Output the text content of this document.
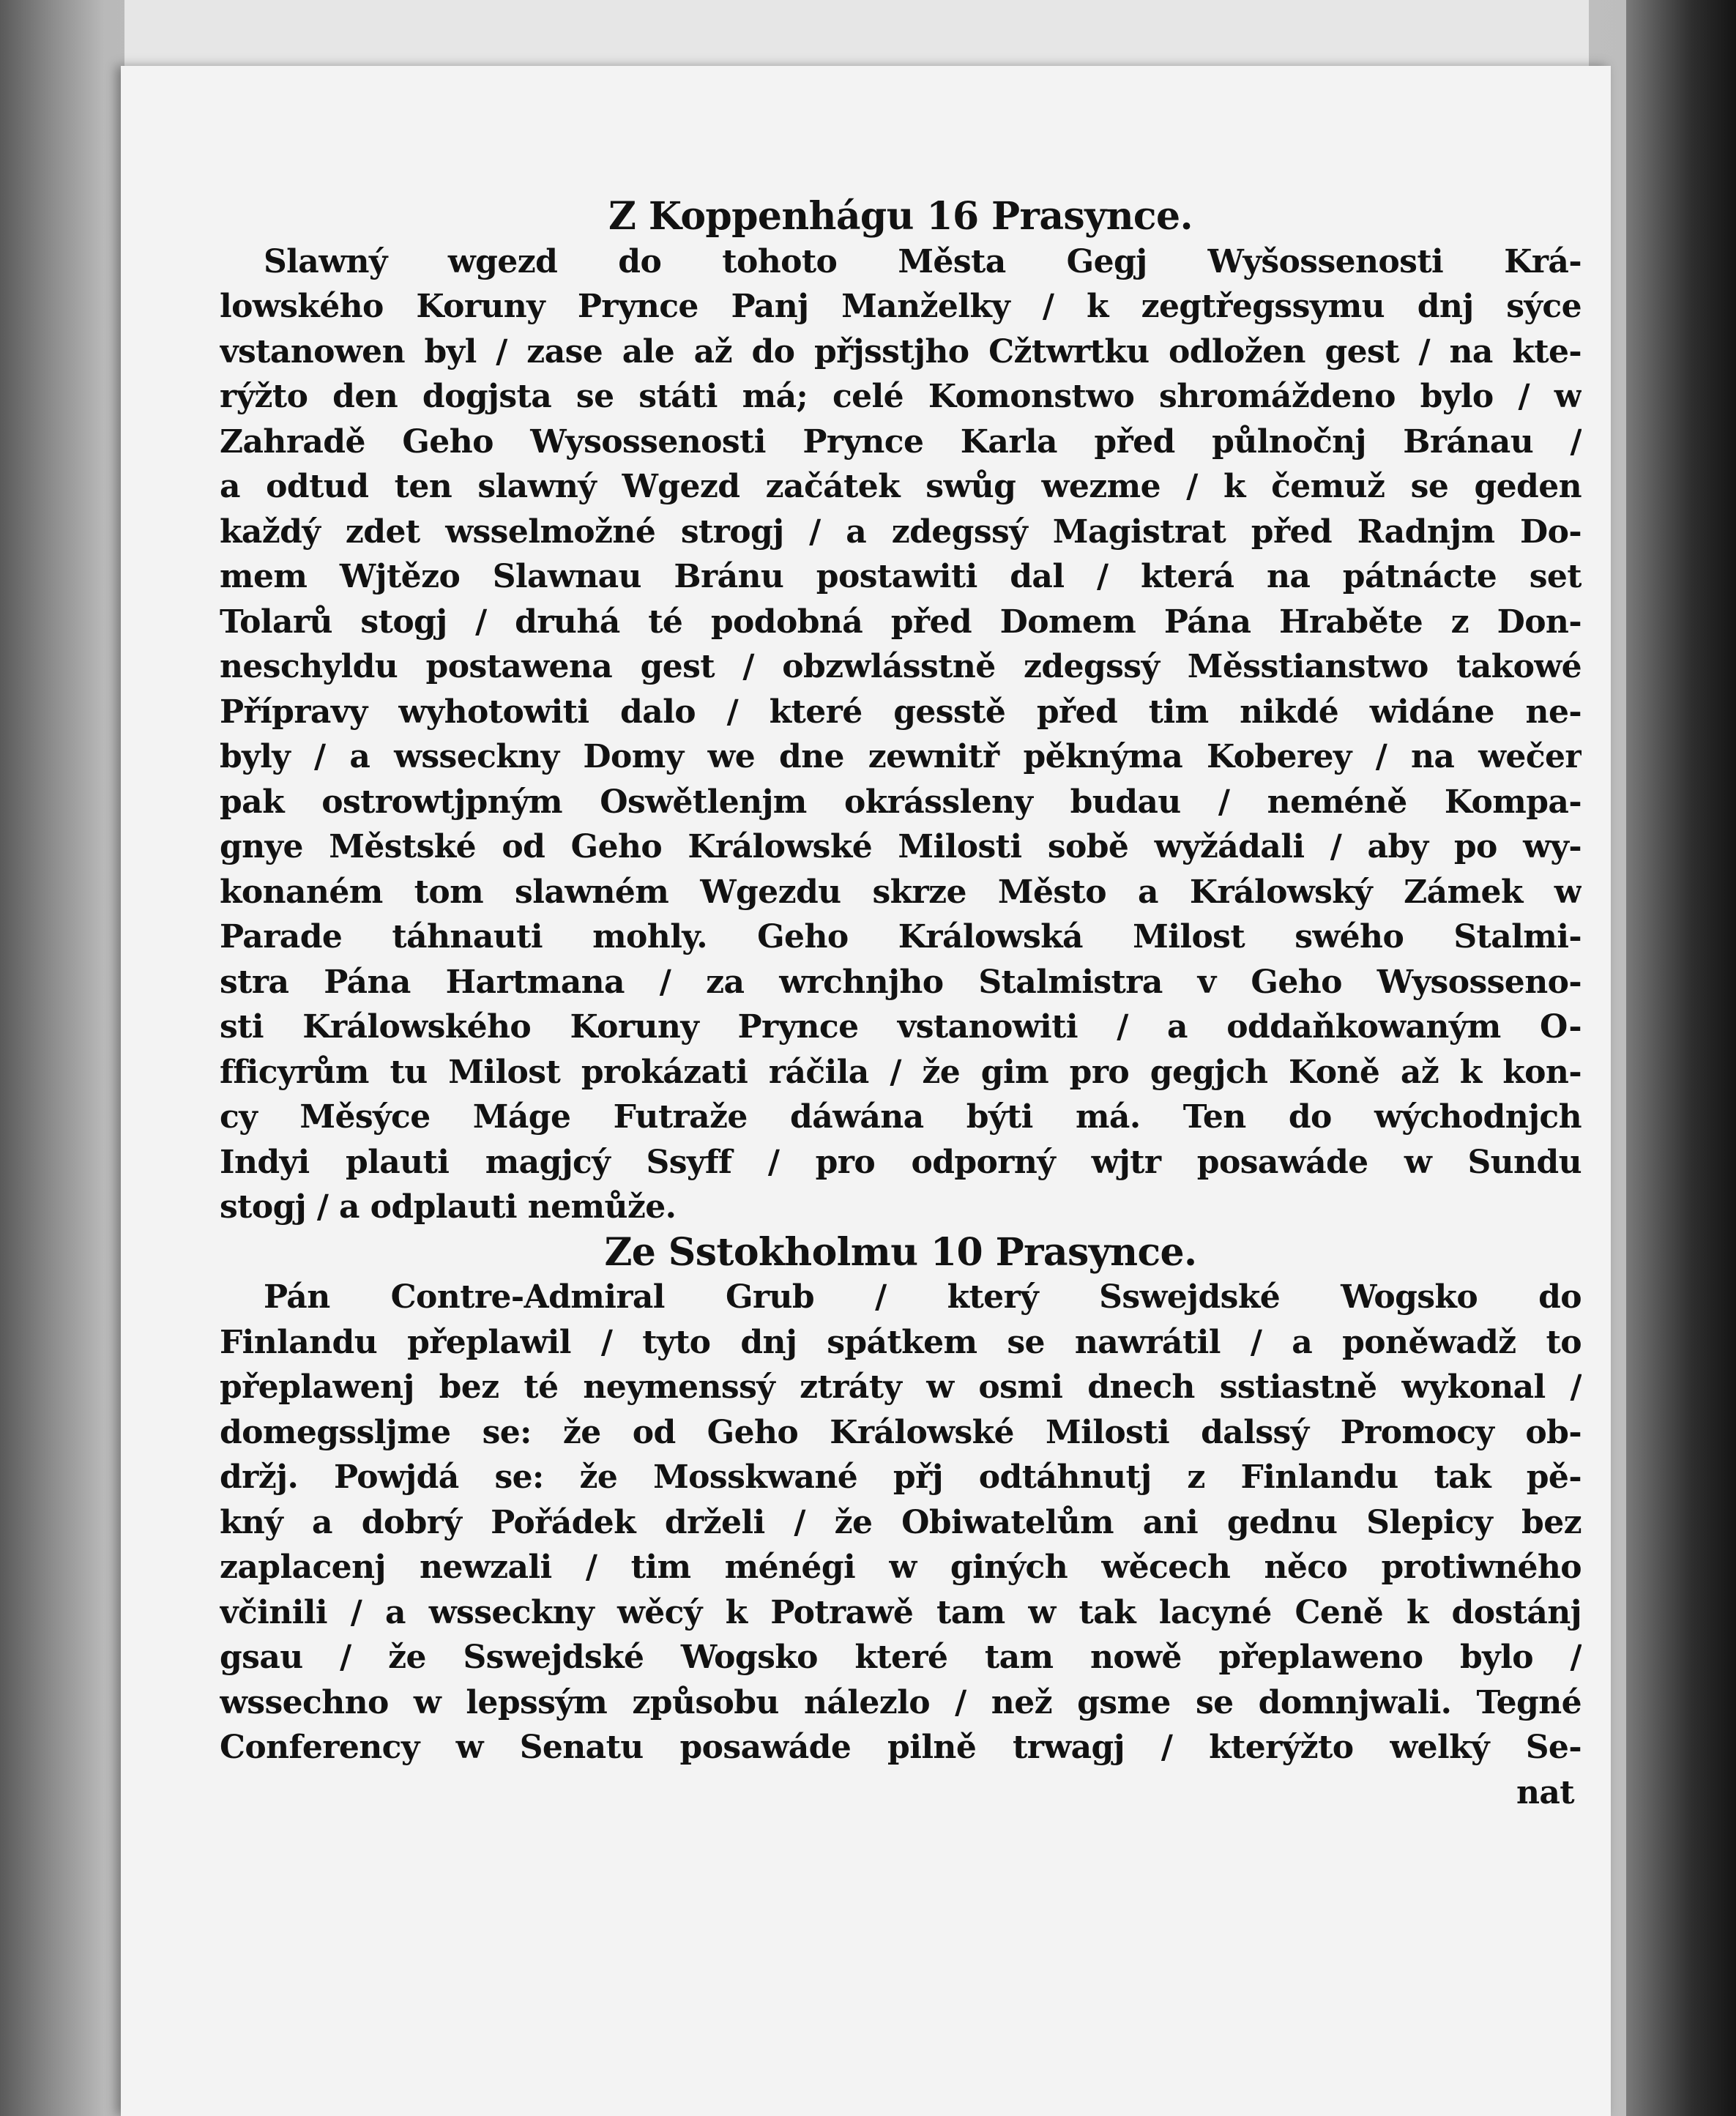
Z Koppenhágu 16 Prasynce.
Slawný wgezd do tohoto Města Gegj Wyšossenosti Krá-
lowského Koruny Prynce Panj Manželky / k zegtřegssymu dnj sýce
vstanowen byl / zase ale až do přjsstjho Cžtwrtku odložen gest / na kte-
rýžto den dogjsta se státi má; celé Komonstwo shromáždeno bylo / w
Zahradě Geho Wysossenosti Prynce Karla před půlnočnj Bránau /
a odtud ten slawný Wgezd začátek swůg wezme / k čemuž se geden
každý zdet wsselmožné strogj / a zdegssý Magistrat před Radnjm Do-
mem Wjtězo Slawnau Bránu postawiti dal / která na pátnácte set
Tolarů stogj / druhá té podobná před Domem Pána Hraběte z Don-
neschyldu postawena gest / obzwlásstně zdegssý Měsstianstwo takowé
Přípravy wyhotowiti dalo / které gesstě před tim nikdé widáne ne-
byly / a wsseckny Domy we dne zewnitř pěknýma Koberey / na wečer
pak ostrowtjpným Oswětlenjm okrássleny budau / neméně Kompa-
gnye Městské od Geho Králowské Milosti sobě wyžádali / aby po wy-
konaném tom slawném Wgezdu skrze Město a Králowský Zámek w
Parade táhnauti mohly. Geho Králowská Milost swého Stalmi-
stra Pána Hartmana / za wrchnjho Stalmistra v Geho Wysosseno-
sti Králowského Koruny Prynce vstanowiti / a oddaňkowaným O-
fficyrům tu Milost prokázati ráčila / že gim pro gegjch Koně až k kon-
cy Měsýce Máge Futraže dáwána býti má. Ten do wýchodnjch
Indyi plauti magjcý Ssyff / pro odporný wjtr posawáde w Sundu
stogj / a odplauti nemůže.
Ze Sstokholmu 10 Prasynce.
Pán Contre-Admiral Grub / který Sswejdské Wogsko do
Finlandu přeplawil / tyto dnj spátkem se nawrátil / a poněwadž to
přeplawenj bez té neymenssý ztráty w osmi dnech sstiastně wykonal /
domegssljme se: že od Geho Králowské Milosti dalssý Promocy ob-
držj. Powjdá se: že Mosskwané přj odtáhnutj z Finlandu tak pě-
kný a dobrý Pořádek drželi / že Obiwatelům ani gednu Slepicy bez
zaplacenj newzali / tim ménégi w giných wěcech něco protiwného
včinili / a wsseckny wěcý k Potrawě tam w tak lacyné Ceně k dostánj
gsau / že Sswejdské Wogsko které tam nowě přeplaweno bylo /
wssechno w lepssým způsobu nálezlo / než gsme se domnjwali. Tegné
Conferency w Senatu posawáde pilně trwagj / kterýžto welký Se-
nat
